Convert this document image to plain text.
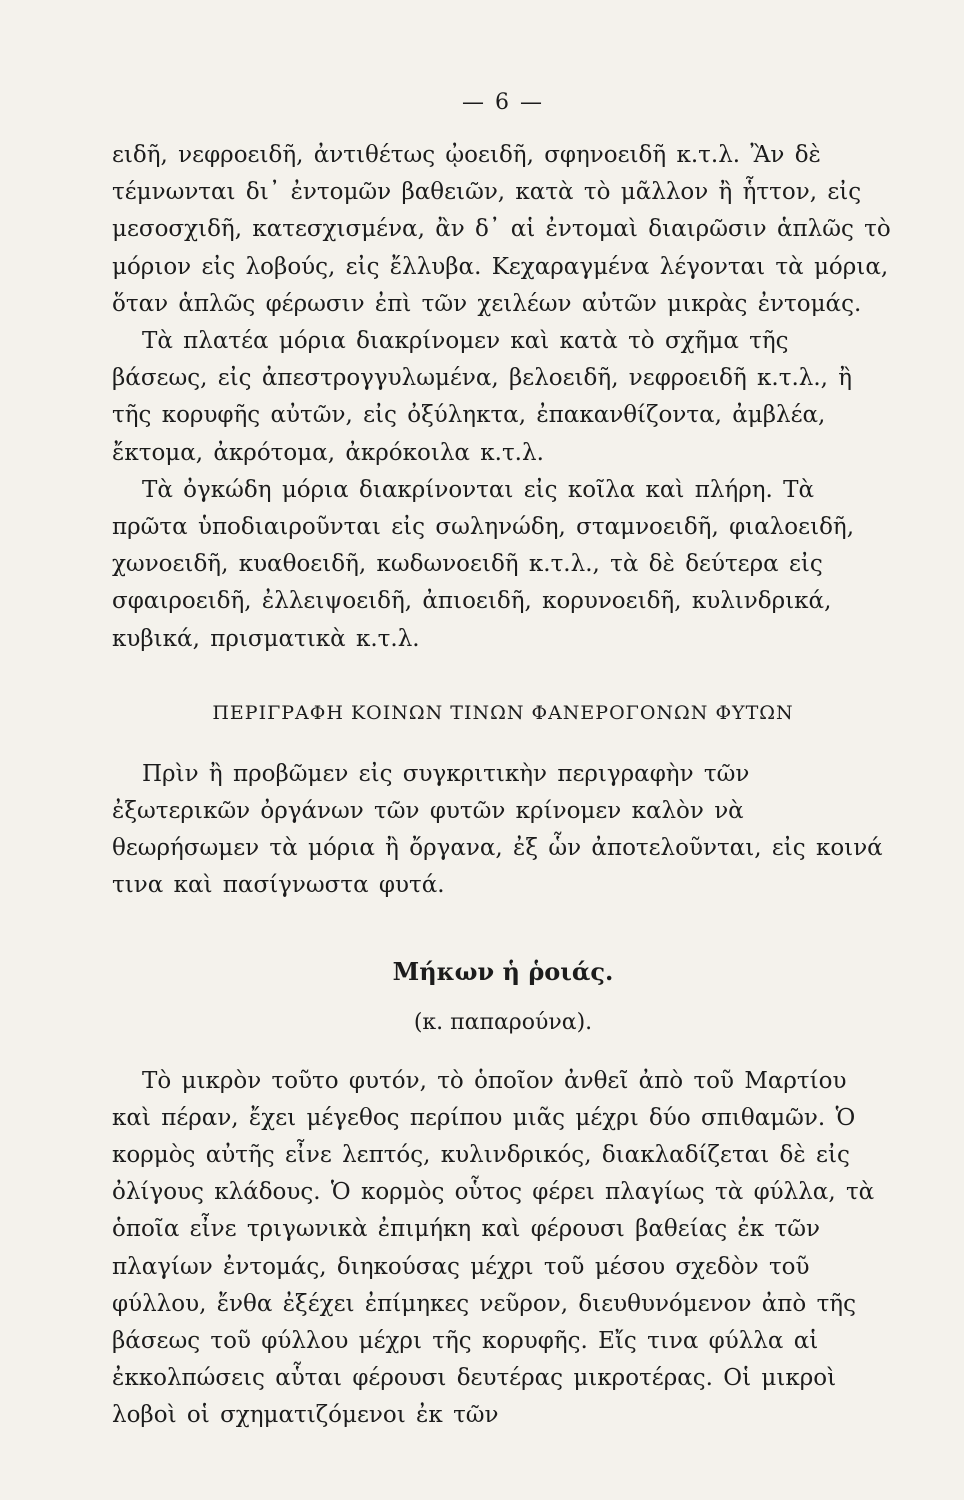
— 6 —

ειδῆ, νεφροειδῆ, ἀντιθέτως ᾠοειδῆ, σφηνοειδῆ κ.τ.λ. Ἂν δὲ τέμνωνται δι᾽ ἐντομῶν βαθειῶν, κατὰ τὸ μᾶλλον ἢ ἧττον, εἰς μεσοσχιδῆ, κατεσχισμένα, ἂν δ᾽ αἱ ἐντομαὶ διαιρῶσιν ἁπλῶς τὸ μόριον εἰς λοβούς, εἰς ἔλλυβα. Κεχαραγμένα λέγονται τὰ μόρια, ὅταν ἁπλῶς φέρωσιν ἐπὶ τῶν χειλέων αὐτῶν μικρὰς ἐντομάς.

Τὰ πλατέα μόρια διακρίνομεν καὶ κατὰ τὸ σχῆμα τῆς βάσεως, εἰς ἀπεστρογγυλωμένα, βελοειδῆ, νεφροειδῆ κ.τ.λ., ἢ τῆς κορυφῆς αὐτῶν, εἰς ὀξύληκτα, ἐπακανθίζοντα, ἀμβλέα, ἔκτομα, ἀκρότομα, ἀκρόκοιλα κ.τ.λ.

Τὰ ὀγκώδη μόρια διακρίνονται εἰς κοῖλα καὶ πλήρη. Τὰ πρῶτα ὑποδιαιροῦνται εἰς σωληνώδη, σταμνοειδῆ, φιαλοειδῆ, χωνοειδῆ, κυαθοειδῆ, κωδωνοειδῆ κ.τ.λ., τὰ δὲ δεύτερα εἰς σφαιροειδῆ, ἐλλειψοειδῆ, ἀπιοειδῆ, κορυνοειδῆ, κυλινδρικά, κυβικά, πρισματικὰ κ.τ.λ.

ΠΕΡΙΓΡΑΦΗ ΚΟΙΝΩΝ ΤΙΝΩΝ ΦΑΝΕΡΟΓΟΝΩΝ ΦΥΤΩΝ

Πρὶν ἢ προβῶμεν εἰς συγκριτικὴν περιγραφὴν τῶν ἐξωτερικῶν ὀργάνων τῶν φυτῶν κρίνομεν καλὸν νὰ θεωρήσωμεν τὰ μόρια ἢ ὄργανα, ἐξ ὧν ἀποτελοῦνται, εἰς κοινά τινα καὶ πασίγνωστα φυτά.

Μήκων ἡ ῥοιάς.
(κ. παπαρούνα).

Τὸ μικρὸν τοῦτο φυτόν, τὸ ὁποῖον ἀνθεῖ ἀπὸ τοῦ Μαρτίου καὶ πέραν, ἔχει μέγεθος περίπου μιᾶς μέχρι δύο σπιθαμῶν. Ὁ κορμὸς αὐτῆς εἶνε λεπτός, κυλινδρικός, διακλαδίζεται δὲ εἰς ὀλίγους κλάδους. Ὁ κορμὸς οὗτος φέρει πλαγίως τὰ φύλλα, τὰ ὁποῖα εἶνε τριγωνικὰ ἐπιμήκη καὶ φέρουσι βαθείας ἐκ τῶν πλαγίων ἐντομάς, διηκούσας μέχρι τοῦ μέσου σχεδὸν τοῦ φύλλου, ἔνθα ἐξέχει ἐπίμηκες νεῦρον, διευθυνόμενον ἀπὸ τῆς βάσεως τοῦ φύλλου μέχρι τῆς κορυφῆς. Εἴς τινα φύλλα αἱ ἐκκολπώσεις αὗται φέρουσι δευτέρας μικροτέρας. Οἱ μικροὶ λοβοὶ οἱ σχηματιζόμενοι ἐκ τῶν
